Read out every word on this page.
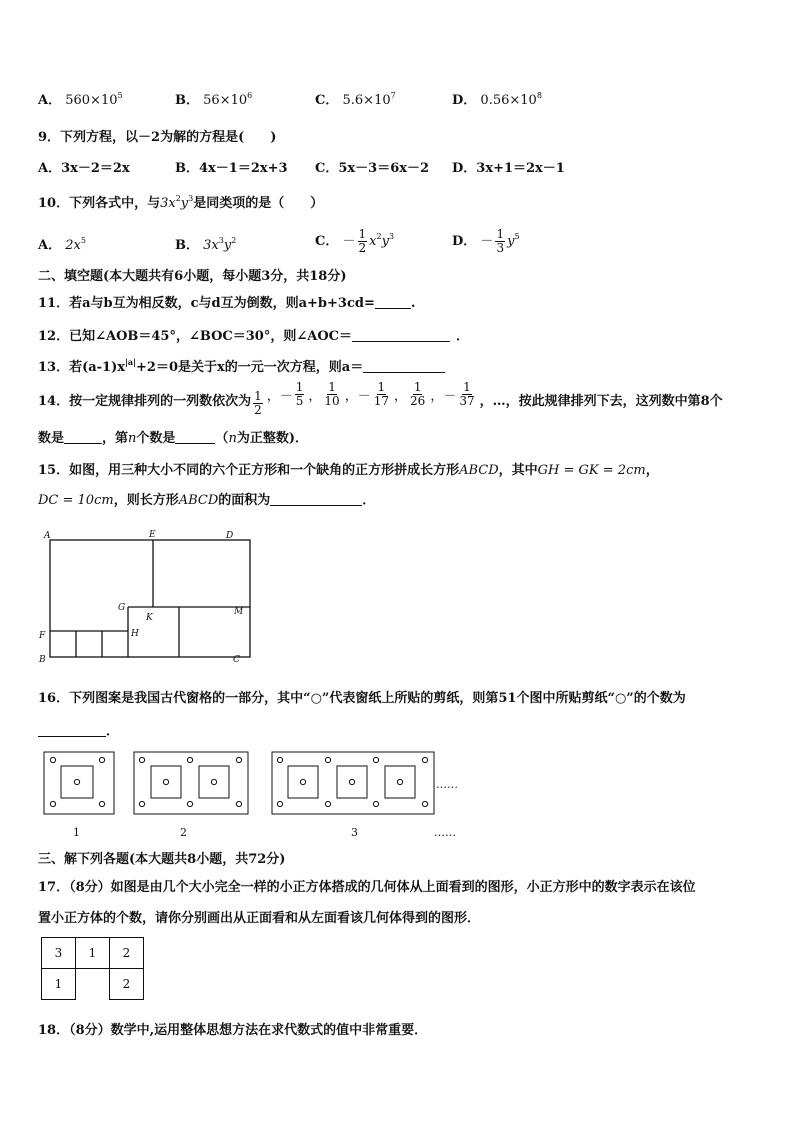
A． $560\times 10^5$	B． $56\times 10^6$	C． $5.6\times 10^7$	D． $0.56\times 10^8$
9．下列方程，以－2为解的方程是(　　)
A．3x－2＝2x	B．4x－1＝2x+3 C．5x－3＝6x－2 D．3x+1＝2x－1
10．下列各式中，与$3x^2y^3$是同类项的是（　　）
A． $2x^5$	B． $3x^3y^2$	C． － $\frac{1}{2} x^2y^3$	D． － $\frac{1}{3} y^5$
二、填空题(本大题共有6小题，每小题3分，共18分)
11．若a与b互为相反数，c与d互为倒数，则a+b+3cd=	.
12．已知∠AOB＝45°，∠BOC＝30°，则∠AOC＝	．
13．若$(a-1)x^{|a|}+2=0$是关于x的一元一次方程，则a＝
14．按一定规律排列的一列数依次为 $\frac{1}{2}$ ， － $\frac{1}{5}$ ， $\frac{1}{10}$ ， － $\frac{1}{17}$ ， $\frac{1}{26}$ ， － $\frac{1}{37}$ ，…，按此规律排列下去，这列数中第8个
数是	，第n个数是	（n为正整数)．
15．如图，用三种大小不同的六个正方形和一个缺角的正方形拼成长方形ABCD，其中GH = GK = 2cm，
DC = 10cm，则长方形ABCD的面积为	．
A	E	D
G
K
M
H
F
B	C
16．下列图案是我国古代窗格的一部分，其中“○”代表窗纸上所贴的剪纸，则第51个图中所贴剪纸“○”的个数为
．
1	2	3
……
……
三、解下列各题(本大题共8小题，共72分)
17．（8分）如图是由几个大小完全一样的小正方体搭成的几何体从上面看到的图形，小正方形中的数字表示在该位
置小正方体的个数，请你分别画出从正面看和从左面看该几何体得到的图形．
3	1	2
1		2
18．（8分）数学中,运用整体思想方法在求代数式的值中非常重要．
